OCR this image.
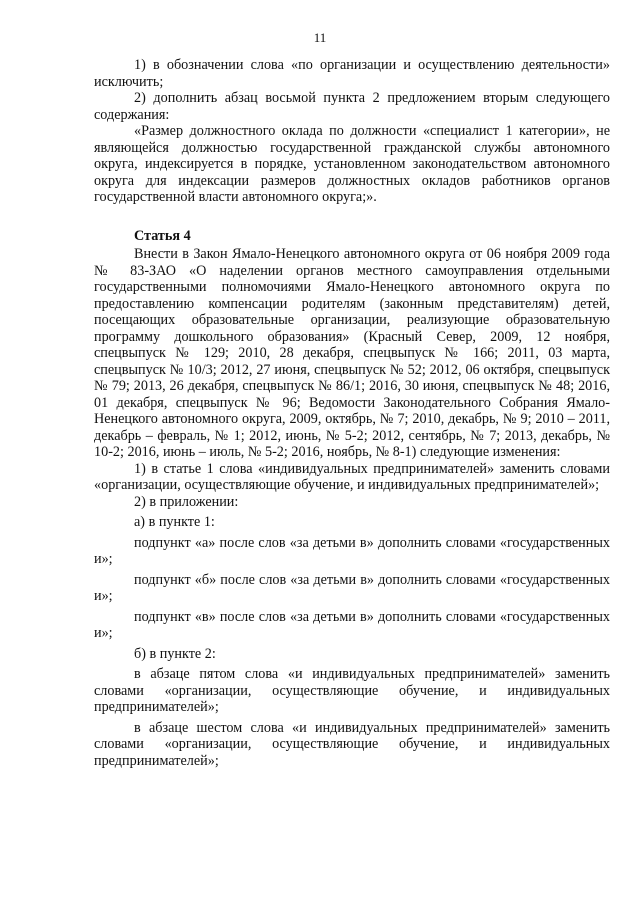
11

1) в обозначении слова «по организации и осуществлению деятельности» исключить;

2) дополнить абзац восьмой пункта 2 предложением вторым следующего содержания:

«Размер должностного оклада по должности «специалист 1 категории», не являющейся должностью государственной гражданской службы автономного округа, индексируется в порядке, установленном законодательством автономного округа для индексации размеров должностных окладов работников органов государственной власти автономного округа;».

Статья 4

Внести в Закон Ямало-Ненецкого автономного округа от 06 ноября 2009 года № 83-ЗАО «О наделении органов местного самоуправления отдельными государственными полномочиями Ямало-Ненецкого автономного округа по предоставлению компенсации родителям (законным представителям) детей, посещающих образовательные организации, реализующие образовательную программу дошкольного образования» (Красный Север, 2009, 12 ноября, спецвыпуск № 129; 2010, 28 декабря, спецвыпуск № 166; 2011, 03 марта, спецвыпуск № 10/3; 2012, 27 июня, спецвыпуск № 52; 2012, 06 октября, спецвыпуск № 79; 2013, 26 декабря, спецвыпуск № 86/1; 2016, 30 июня, спецвыпуск № 48; 2016, 01 декабря, спецвыпуск № 96; Ведомости Законодательного Собрания Ямало-Ненецкого автономного округа, 2009, октябрь, № 7; 2010, декабрь, № 9; 2010 – 2011, декабрь – февраль, № 1; 2012, июнь, № 5-2; 2012, сентябрь, № 7; 2013, декабрь, № 10-2; 2016, июнь – июль, № 5-2; 2016, ноябрь, № 8-1) следующие изменения:

1) в статье 1 слова «индивидуальных предпринимателей» заменить словами «организации, осуществляющие обучение, и индивидуальных предпринимателей»;

2) в приложении:

а) в пункте 1:

подпункт «а» после слов «за детьми в» дополнить словами «государственных и»;

подпункт «б» после слов «за детьми в» дополнить словами «государственных и»;

подпункт «в» после слов «за детьми в» дополнить словами «государственных и»;

б) в пункте 2:

в абзаце пятом слова «и индивидуальных предпринимателей» заменить словами «организации, осуществляющие обучение, и индивидуальных предпринимателей»;

в абзаце шестом слова «и индивидуальных предпринимателей» заменить словами «организации, осуществляющие обучение, и индивидуальных предпринимателей»;
